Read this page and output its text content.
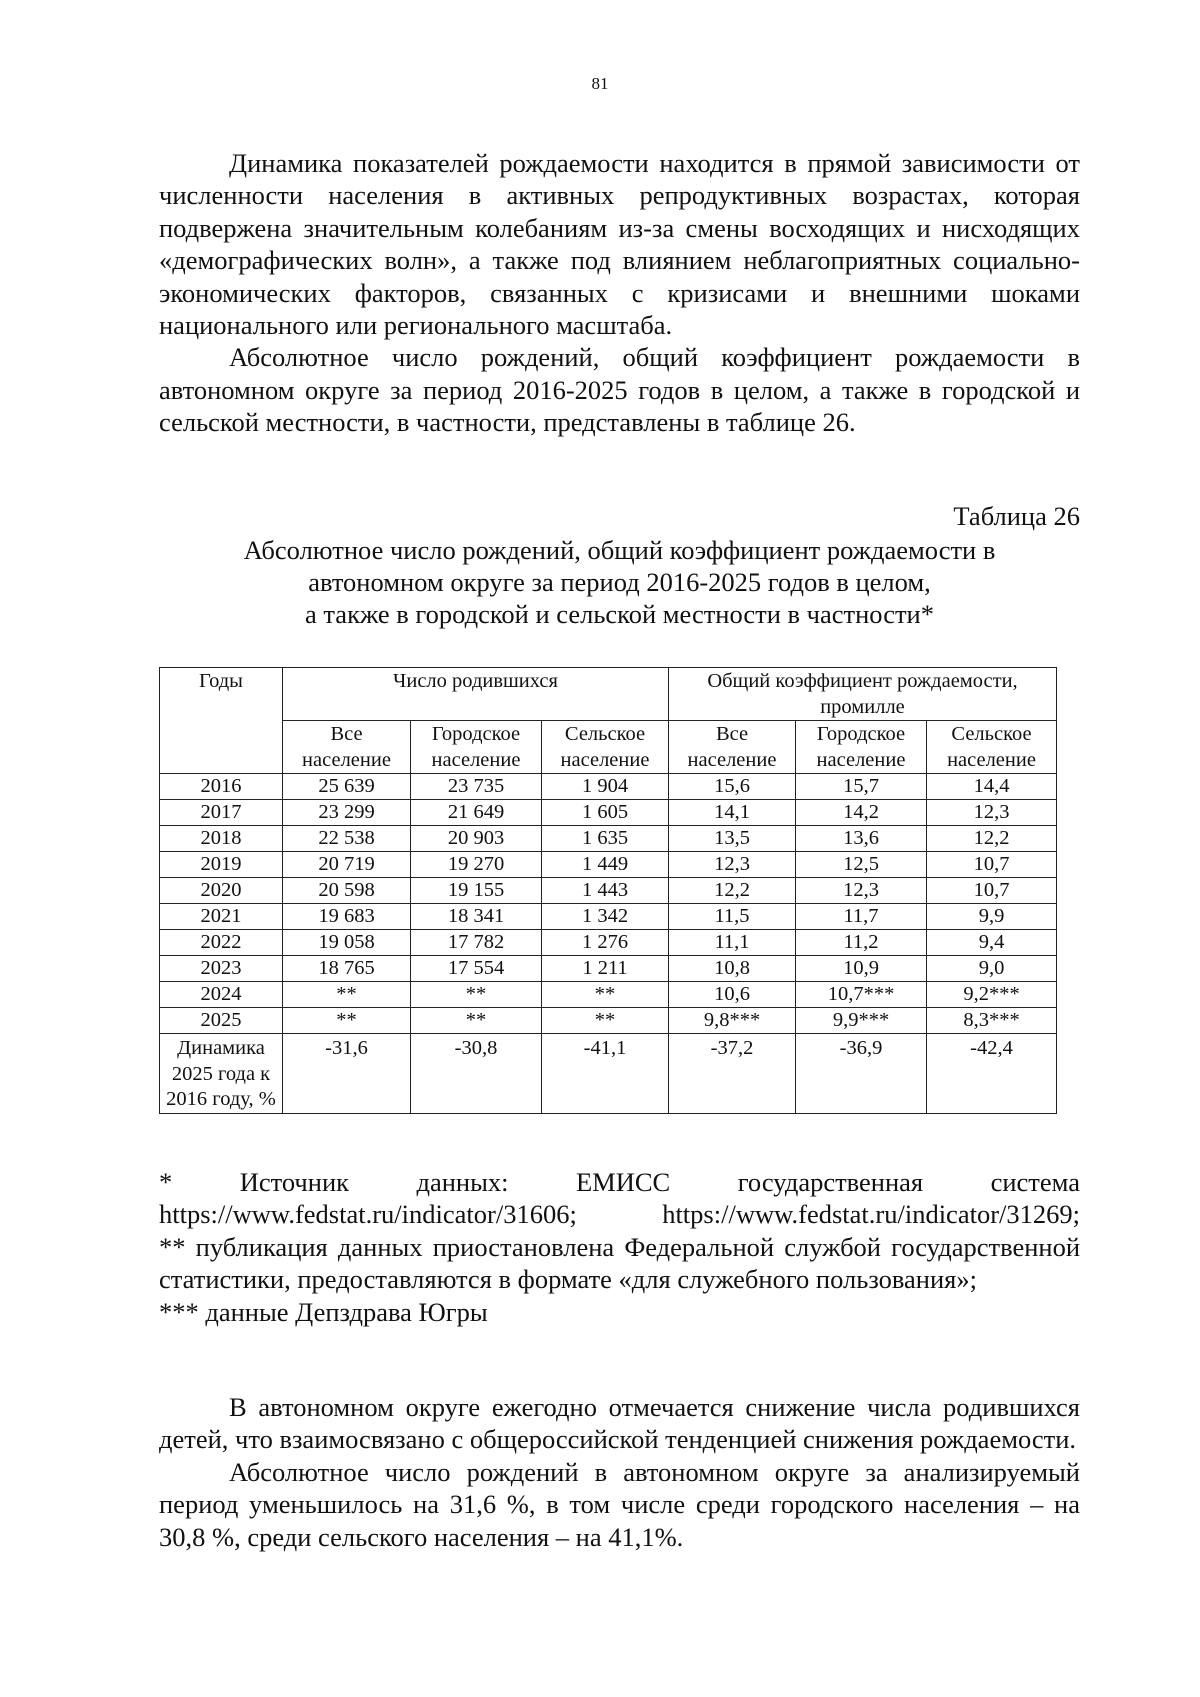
81

Динамика показателей рождаемости находится в прямой зависимости от численности населения в активных репродуктивных возрастах, которая подвержена значительным колебаниям из-за смены восходящих и нисходящих «демографических волн», а также под влиянием неблагоприятных социально-экономических факторов, связанных с кризисами и внешними шоками национального или регионального масштаба.

Абсолютное число рождений, общий коэффициент рождаемости в автономном округе за период 2016-2025 годов в целом, а также в городской и сельской местности, в частности, представлены в таблице 26.

Таблица 26
Абсолютное число рождений, общий коэффициент рождаемости в
автономном округе за период 2016-2025 годов в целом,
а также в городской и сельской местности в частности*
Годы	Число родившихся			Общий коэффициент рождаемости, промилле		
	Все население	Городское население	Сельское население	Все население	Городское население	Сельское население
2016	25 639	23 735	1 904	15,6	15,7	14,4
2017	23 299	21 649	1 605	14,1	14,2	12,3
2018	22 538	20 903	1 635	13,5	13,6	12,2
2019	20 719	19 270	1 449	12,3	12,5	10,7
2020	20 598	19 155	1 443	12,2	12,3	10,7
2021	19 683	18 341	1 342	11,5	11,7	9,9
2022	19 058	17 782	1 276	11,1	11,2	9,4
2023	18 765	17 554	1 211	10,8	10,9	9,0
2024	**	**	**	10,6	10,7***	9,2***
2025	**	**	**	9,8***	9,9***	8,3***
Динамика 2025 года к 2016 году, %	-31,6	-30,8	-41,1	-37,2	-36,9	-42,4

* Источник данных: ЕМИСС государственная система https://www.fedstat.ru/indicator/31606; https://www.fedstat.ru/indicator/31269;

** публикация данных приостановлена Федеральной службой государственной статистики, предоставляются в формате «для служебного пользования»;

*** данные Депздрава Югры

В автономном округе ежегодно отмечается снижение числа родившихся детей, что взаимосвязано с общероссийской тенденцией снижения рождаемости.

Абсолютное число рождений в автономном округе за анализируемый период уменьшилось на 31,6 %, в том числе среди городского населения – на 30,8 %, среди сельского населения – на 41,1%.
